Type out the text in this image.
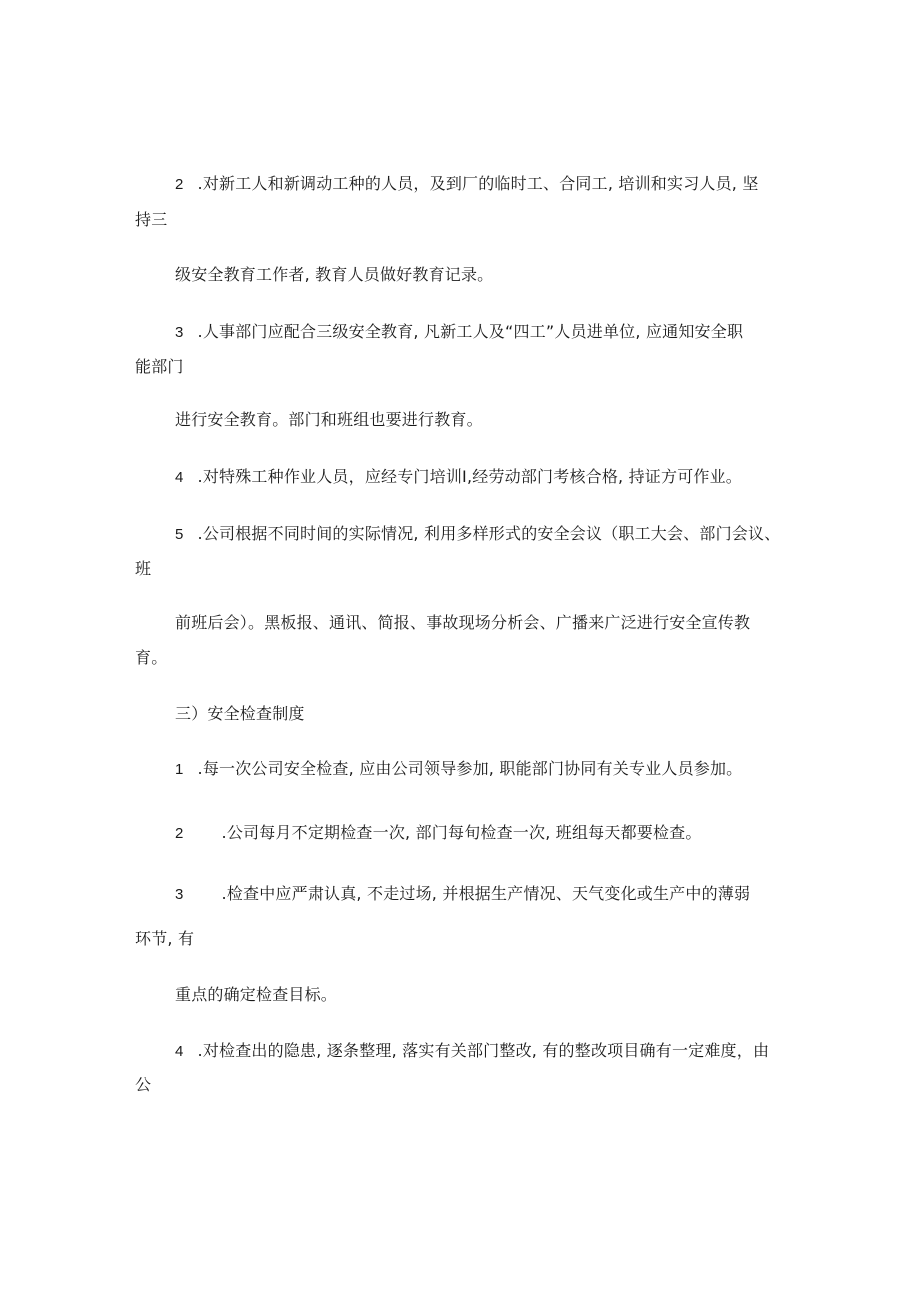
2 .对新工人和新调动工种的人员，及到厂的临时工、合同工, 培训和实习人员, 坚
持三
级安全教育工作者, 教育人员做好教育记录。
3 .人事部门应配合三级安全教育, 凡新工人及“四工”人员进单位, 应通知安全职
能部门
进行安全教育。部门和班组也要进行教育。
4 .对特殊工种作业人员，应经专门培训I,经劳动部门考核合格, 持证方可作业。
5 .公司根据不同时间的实际情况, 利用多样形式的安全会议（职工大会、部门会议、
班
前班后会）。黑板报、通讯、简报、事故现场分析会、广播来广泛进行安全宣传教
育。
三）安全检查制度
1 .每一次公司安全检查, 应由公司领导参加, 职能部门协同有关专业人员参加。
2 .公司每月不定期检查一次, 部门每旬检查一次, 班组每天都要检查。
3 .检查中应严肃认真, 不走过场, 并根据生产情况、天气变化或生产中的薄弱
环节, 有
重点的确定检查目标。
4 .对检查出的隐患, 逐条整理, 落实有关部门整改, 有的整改项目确有一定难度，由
公
